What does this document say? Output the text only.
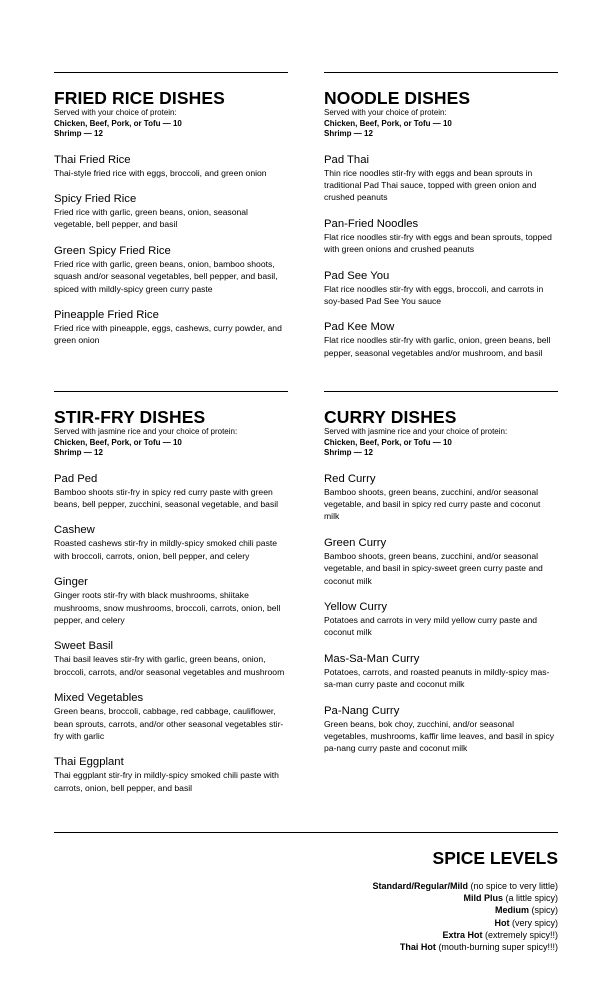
FRIED RICE DISHES

Served with your choice of protein:

Chicken, Beef, Pork, or Tofu — 10

Shrimp — 12

Thai Fried Rice

Thai-style fried rice with eggs, broccoli, and green onion

Spicy Fried Rice

Fried rice with garlic, green beans, onion, seasonal vegetable, bell pepper, and basil

Green Spicy Fried Rice

Fried rice with garlic, green beans, onion, bamboo shoots, squash and/or seasonal vegetables, bell pepper, and basil, spiced with mildly-spicy green curry paste

Pineapple Fried Rice

Fried rice with pineapple, eggs, cashews, curry powder, and green onion

NOODLE DISHES

Served with your choice of protein:

Chicken, Beef, Pork, or Tofu — 10

Shrimp — 12

Pad Thai

Thin rice noodles stir-fry with eggs and bean sprouts in traditional Pad Thai sauce, topped with green onion and crushed peanuts

Pan-Fried Noodles

Flat rice noodles stir-fry with eggs and bean sprouts, topped with green onions and crushed peanuts

Pad See You

Flat rice noodles stir-fry with eggs, broccoli, and carrots in soy-based Pad See You sauce

Pad Kee Mow

Flat rice noodles stir-fry with garlic, onion, green beans, bell pepper, seasonal vegetables and/or mushroom, and basil

STIR-FRY DISHES

Served with jasmine rice and your choice of protein:

Chicken, Beef, Pork, or Tofu — 10

Shrimp — 12

Pad Ped

Bamboo shoots stir-fry in spicy red curry paste with green beans, bell pepper, zucchini, seasonal vegetable, and basil

Cashew

Roasted cashews stir-fry in mildly-spicy smoked chili paste with broccoli, carrots, onion, bell pepper, and celery

Ginger

Ginger roots stir-fry with black mushrooms, shiitake mushrooms, snow mushrooms, broccoli, carrots, onion, bell pepper, and celery

Sweet Basil

Thai basil leaves stir-fry with garlic, green beans, onion, broccoli, carrots, and/or seasonal vegetables and mushroom

Mixed Vegetables

Green beans, broccoli, cabbage, red cabbage, cauliflower, bean sprouts, carrots, and/or other seasonal vegetables stir-fry with garlic

Thai Eggplant

Thai eggplant stir-fry in mildly-spicy smoked chili paste with carrots, onion, bell pepper, and basil

CURRY DISHES

Served with jasmine rice and your choice of protein:

Chicken, Beef, Pork, or Tofu — 10

Shrimp — 12

Red Curry

Bamboo shoots, green beans, zucchini, and/or seasonal vegetable, and basil in spicy red curry paste and coconut milk

Green Curry

Bamboo shoots, green beans, zucchini, and/or seasonal vegetable, and basil in spicy-sweet green curry paste and coconut milk

Yellow Curry

Potatoes and carrots in very mild yellow curry paste and coconut milk

Mas-Sa-Man Curry

Potatoes, carrots, and roasted peanuts in mildly-spicy mas-sa-man curry paste and coconut milk

Pa-Nang Curry

Green beans, bok choy, zucchini, and/or seasonal vegetables, mushrooms, kaffir lime leaves, and basil in spicy pa-nang curry paste and coconut milk

SPICE LEVELS
Standard/Regular/Mild (no spice to very little)
Mild Plus (a little spicy)
Medium (spicy)
Hot (very spicy)
Extra Hot (extremely spicy!!)
Thai Hot (mouth-burning super spicy!!!)
